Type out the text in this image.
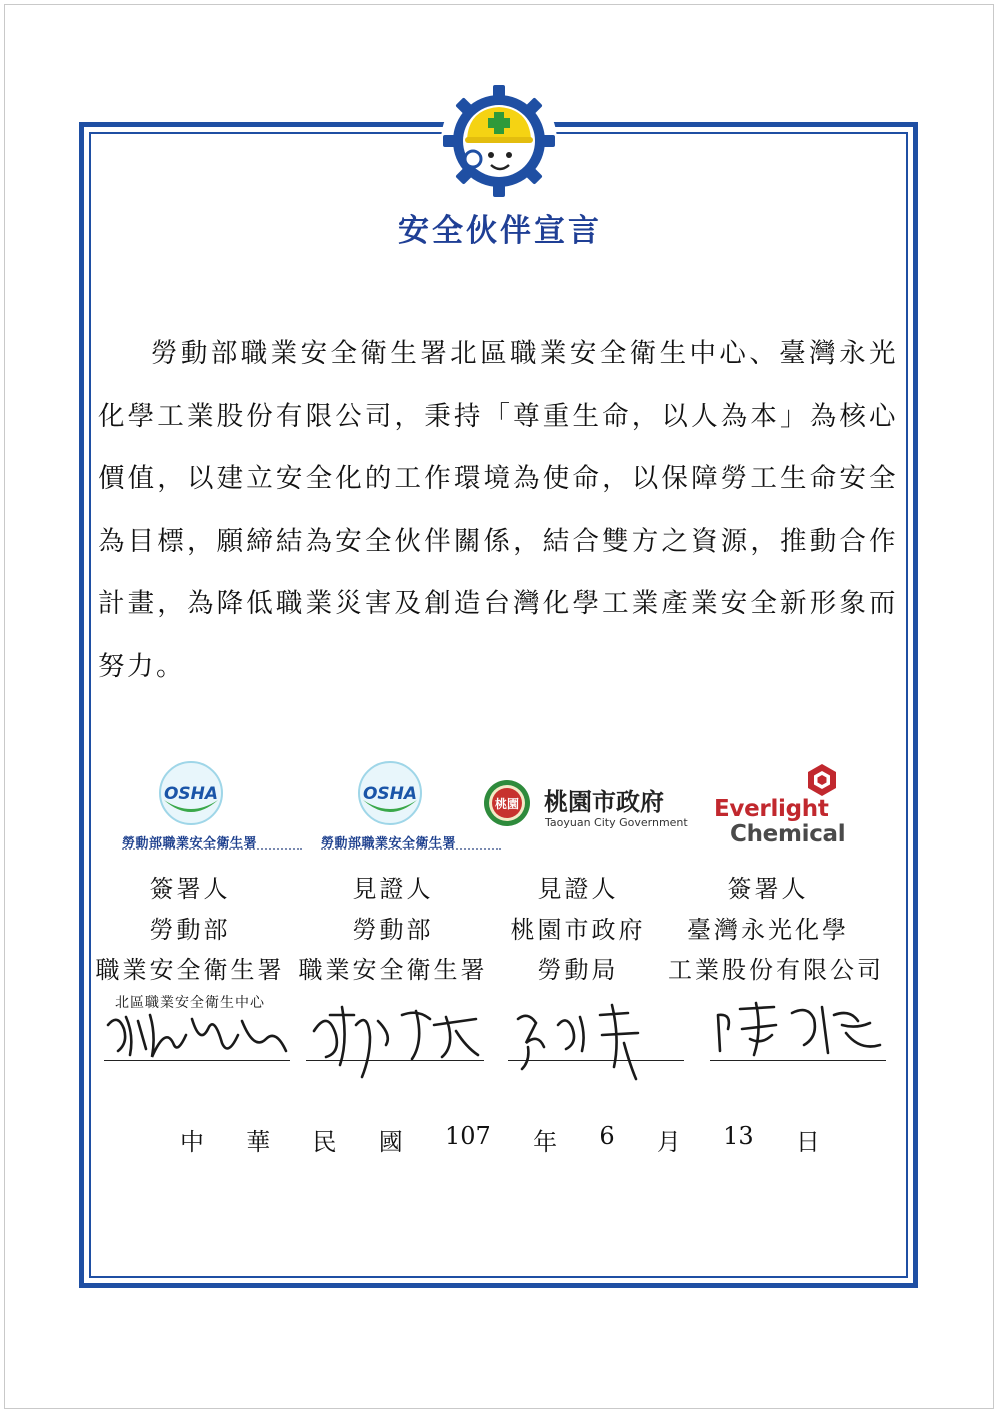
安全伙伴宣言
勞動部職業安全衛生署北區職業安全衛生中心、臺灣永光化學工業股份有限公司，秉持「尊重生命，以人為本」為核心價值，以建立安全化的工作環境為使命，以保障勞工生命安全為目標，願締結為安全伙伴關係，結合雙方之資源，推動合作計畫，為降低職業災害及創造台灣化學工業產業安全新形象而努力。
OSHA
勞動部職業安全衛生署
OSHA
勞動部職業安全衛生署
桃園 桃園市政府
Taoyuan City Government
Everlight
Chemical
簽署人
勞動部
職業安全衛生署
北區職業安全衛生中心
見證人
勞動部
職業安全衛生署
見證人
桃園市政府
勞動局
簽署人
臺灣永光化學
工業股份有限公司
中 華 民 國 107 年 6 月 13 日
